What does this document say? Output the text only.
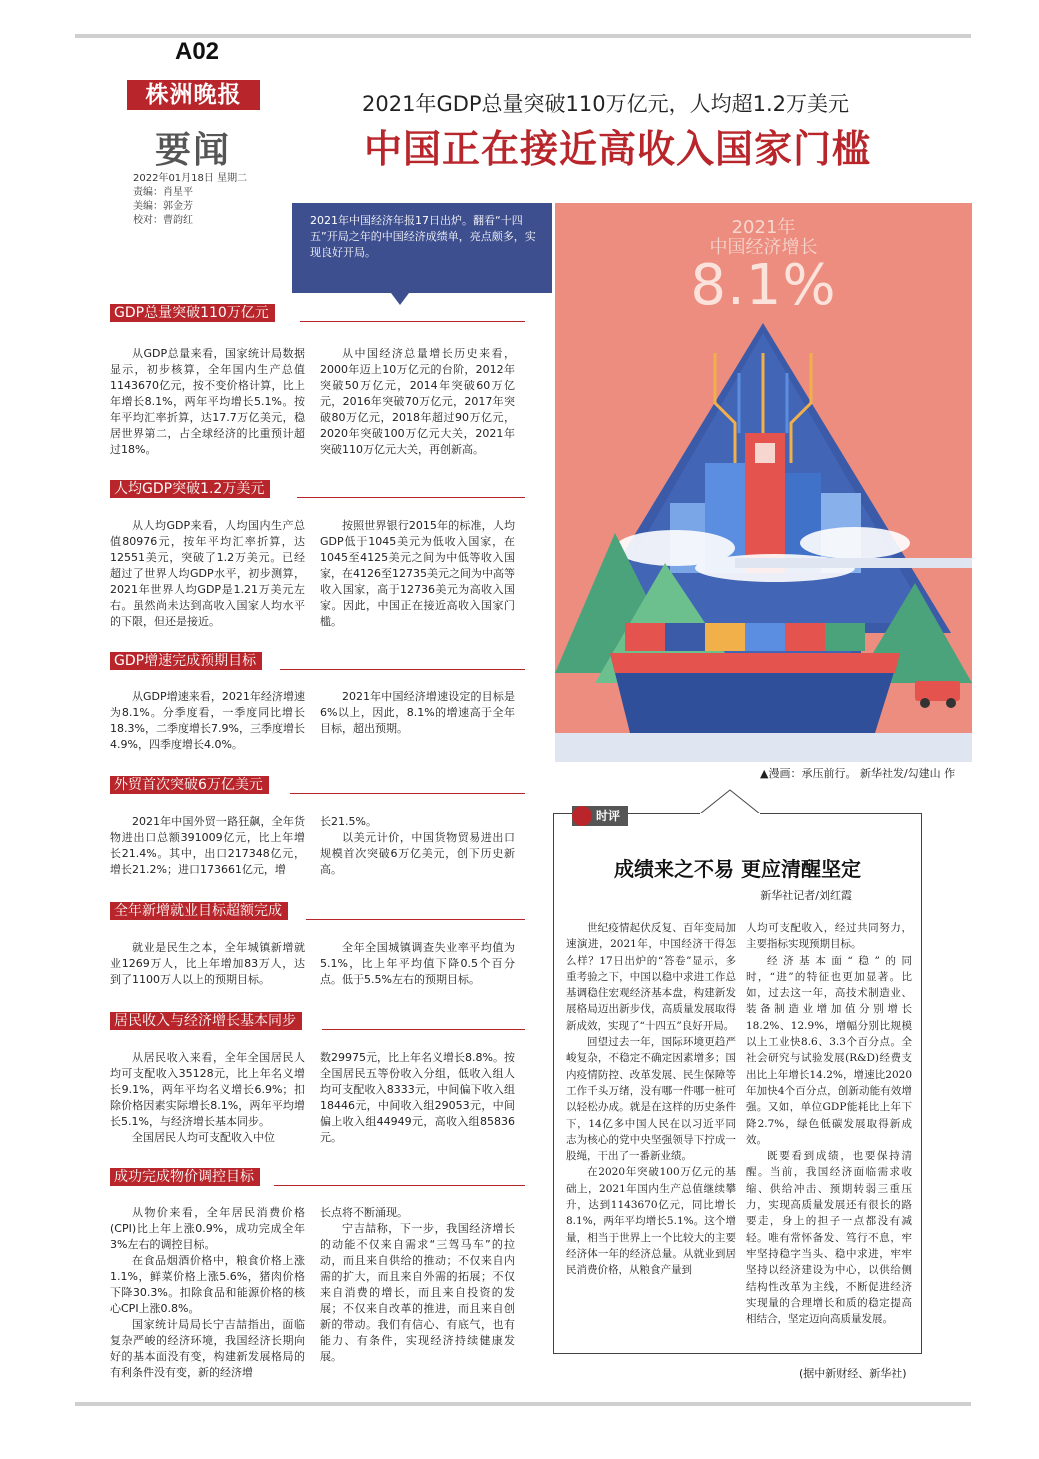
A02
株洲晚报
要闻
2022年01月18日 星期二
责编：肖星平
美编：郭金芳
校对：曹韵红
2021年GDP总量突破110万亿元，人均超1.2万美元
中国正在接近高收入国家门槛
2021年中国经济年报17日出炉。翻看“十四五”开局之年的中国经济成绩单，亮点颇多，实现良好开局。
2021年
中国经济增长
8.1%
▲漫画：承压前行。 新华社发/勾建山 作
GDP总量突破110万亿元

从GDP总量来看，国家统计局数据显示，初步核算，全年国内生产总值1143670亿元，按不变价格计算，比上年增长8.1%，两年平均增长5.1%。按年平均汇率折算，达17.7万亿美元，稳居世界第二，占全球经济的比重预计超过18%。

从中国经济总量增长历史来看，2000年迈上10万亿元的台阶，2012年突破50万亿元，2014年突破60万亿元，2016年突破70万亿元，2017年突破80万亿元，2018年超过90万亿元，2020年突破100万亿元大关，2021年突破110万亿元大关，再创新高。

人均GDP突破1.2万美元

从人均GDP来看，人均国内生产总值80976元，按年平均汇率折算，达12551美元，突破了1.2万美元。已经超过了世界人均GDP水平，初步测算，2021年世界人均GDP是1.21万美元左右。虽然尚未达到高收入国家人均水平的下限，但还是接近。

按照世界银行2015年的标准，人均GDP低于1045美元为低收入国家，在1045至4125美元之间为中低等收入国家，在4126至12735美元之间为中高等收入国家，高于12736美元为高收入国家。因此，中国正在接近高收入国家门槛。

GDP增速完成预期目标

从GDP增速来看，2021年经济增速为8.1%。分季度看，一季度同比增长18.3%，二季度增长7.9%，三季度增长4.9%，四季度增长4.0%。

2021年中国经济增速设定的目标是6%以上，因此，8.1%的增速高于全年目标，超出预期。

外贸首次突破6万亿美元

2021年中国外贸一路狂飙，全年货物进出口总额391009亿元，比上年增长21.4%。其中，出口217348亿元，增长21.2%；进口173661亿元，增

长21.5%。

以美元计价，中国货物贸易进出口规模首次突破6万亿美元，创下历史新高。

全年新增就业目标超额完成

就业是民生之本，全年城镇新增就业1269万人，比上年增加83万人，达到了1100万人以上的预期目标。

全年全国城镇调查失业率平均值为5.1%，比上年平均值下降0.5个百分点。低于5.5%左右的预期目标。

居民收入与经济增长基本同步

从居民收入来看，全年全国居民人均可支配收入35128元，比上年名义增长9.1%，两年平均名义增长6.9%；扣除价格因素实际增长8.1%，两年平均增长5.1%，与经济增长基本同步。

全国居民人均可支配收入中位

数29975元，比上年名义增长8.8%。按全国居民五等份收入分组，低收入组人均可支配收入8333元，中间偏下收入组18446元，中间收入组29053元，中间偏上收入组44949元，高收入组85836元。

成功完成物价调控目标

从物价来看，全年居民消费价格(CPI)比上年上涨0.9%，成功完成全年3%左右的调控目标。

在食品烟酒价格中，粮食价格上涨1.1%，鲜菜价格上涨5.6%，猪肉价格下降30.3%。扣除食品和能源价格的核心CPI上涨0.8%。

国家统计局局长宁吉喆指出，面临复杂严峻的经济环境，我国经济长期向好的基本面没有变，构建新发展格局的有利条件没有变，新的经济增

长点将不断涌现。

宁吉喆称，下一步，我国经济增长的动能不仅来自需求“三驾马车”的拉动，而且来自供给的推动；不仅来自内需的扩大，而且来自外需的拓展；不仅来自消费的增长，而且来自投资的发展；不仅来自改革的推进，而且来自创新的带动。我们有信心、有底气，也有能力、有条件，实现经济持续健康发展。

时评
成绩来之不易 更应清醒坚定
新华社记者/刘红霞

世纪疫情起伏反复、百年变局加速演进，2021年，中国经济干得怎么样？17日出炉的“答卷”显示，多重考验之下，中国以稳中求进工作总基调稳住宏观经济基本盘，构建新发展格局迈出新步伐，高质量发展取得新成效，实现了“十四五”良好开局。

回望过去一年，国际环境更趋严峻复杂，不稳定不确定因素增多；国内疫情防控、改革发展、民生保障等工作千头万绪，没有哪一件哪一桩可以轻松办成。就是在这样的历史条件下，14亿多中国人民在以习近平同志为核心的党中央坚强领导下拧成一股绳，干出了一番新业绩。

在2020年突破100万亿元的基础上，2021年国内生产总值继续攀升，达到1143670亿元，同比增长8.1%，两年平均增长5.1%。这个增量，相当于世界上一个比较大的主要经济体一年的经济总量。从就业到居民消费价格，从粮食产量到

人均可支配收入，经过共同努力，主要指标实现预期目标。

经济基本面“稳”的同时，“进”的特征也更加显著。比如，过去这一年，高技术制造业、装备制造业增加值分别增长18.2%、12.9%，增幅分别比规模以上工业快8.6、3.3个百分点。全社会研究与试验发展(R&D)经费支出比上年增长14.2%，增速比2020年加快4个百分点，创新动能有效增强。又如，单位GDP能耗比上年下降2.7%，绿色低碳发展取得新成效。

既要看到成绩，也要保持清醒。当前，我国经济面临需求收缩、供给冲击、预期转弱三重压力，实现高质量发展还有很长的路要走，身上的担子一点都没有减轻。唯有常怀备发、笃行不息，牢牢坚持稳字当头、稳中求进，牢牢坚持以经济建设为中心，以供给侧结构性改革为主线，不断促进经济实现量的合理增长和质的稳定提高相结合，坚定迈向高质量发展。

(据中新财经、新华社)
